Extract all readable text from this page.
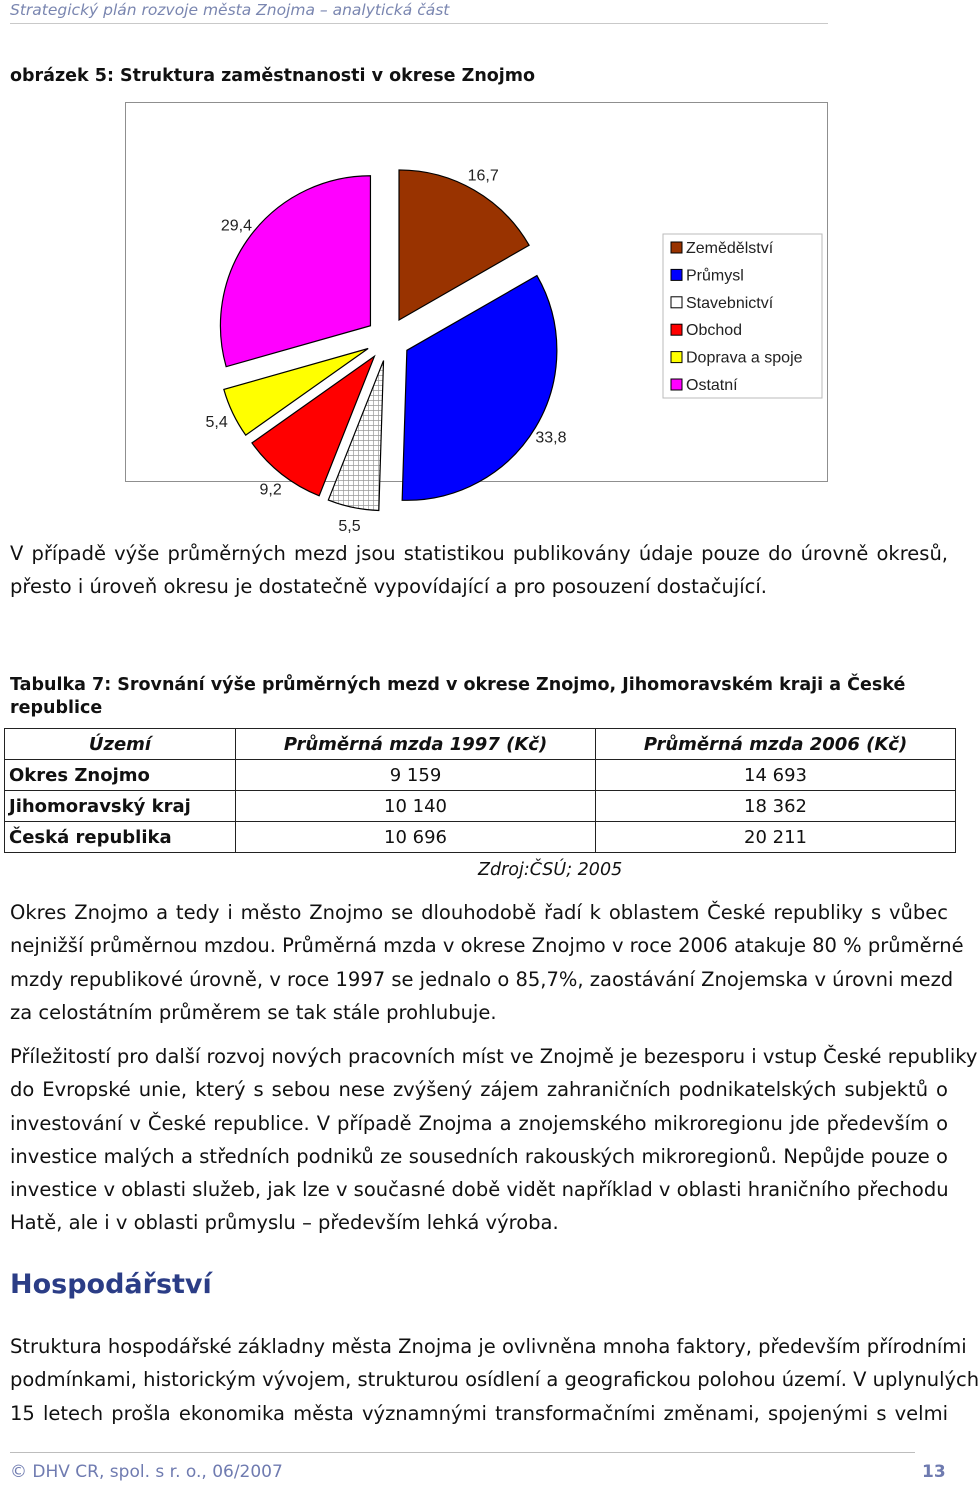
Strategický plán rozvoje města Znojma – analytická část
obrázek 5: Struktura zaměstnanosti v okrese Znojmo
16,7
33,8
5,5
9,2
5,4
29,4
Zemědělství
Průmysl
Stavebnictví
Obchod
Doprava a spoje
Ostatní
V případě výše průměrných mezd jsou statistikou publikovány údaje pouze do úrovně okresů,
přesto i úroveň okresu je dostatečně vypovídající a pro posouzení dostačující.
Tabulka 7: Srovnání výše průměrných mezd v okrese Znojmo, Jihomoravském kraji a České republice
Území	Průměrná mzda 1997 (Kč)	Průměrná mzda 2006 (Kč)
Okres Znojmo	9 159	14 693
Jihomoravský kraj	10 140	18 362
Česká republika	10 696	20 211
Zdroj:ČSÚ; 2005
Okres Znojmo a tedy i město Znojmo se dlouhodobě řadí k oblastem České republiky s vůbec
nejnižší průměrnou mzdou. Průměrná mzda v okrese Znojmo v roce 2006 atakuje 80 % průměrné
mzdy republikové úrovně, v roce 1997 se jednalo o 85,7%, zaostávání Znojemska v úrovni mezd
za celostátním průměrem se tak stále prohlubuje.
Příležitostí pro další rozvoj nových pracovních míst ve Znojmě je bezesporu i vstup České republiky
do Evropské unie, který s sebou nese zvýšený zájem zahraničních podnikatelských subjektů o
investování v České republice. V případě Znojma a znojemského mikroregionu jde především o
investice malých a středních podniků ze sousedních rakouských mikroregionů. Nepůjde pouze o
investice v oblasti služeb, jak lze v současné době vidět například v oblasti hraničního přechodu
Hatě, ale i v oblasti průmyslu – především lehká výroba.
Hospodářství
Struktura hospodářské základny města Znojma je ovlivněna mnoha faktory, především přírodními
podmínkami, historickým vývojem, strukturou osídlení a geografickou polohou území. V uplynulých
15 letech prošla ekonomika města významnými transformačními změnami, spojenými s velmi
© DHV CR, spol. s r. o., 06/2007	13
